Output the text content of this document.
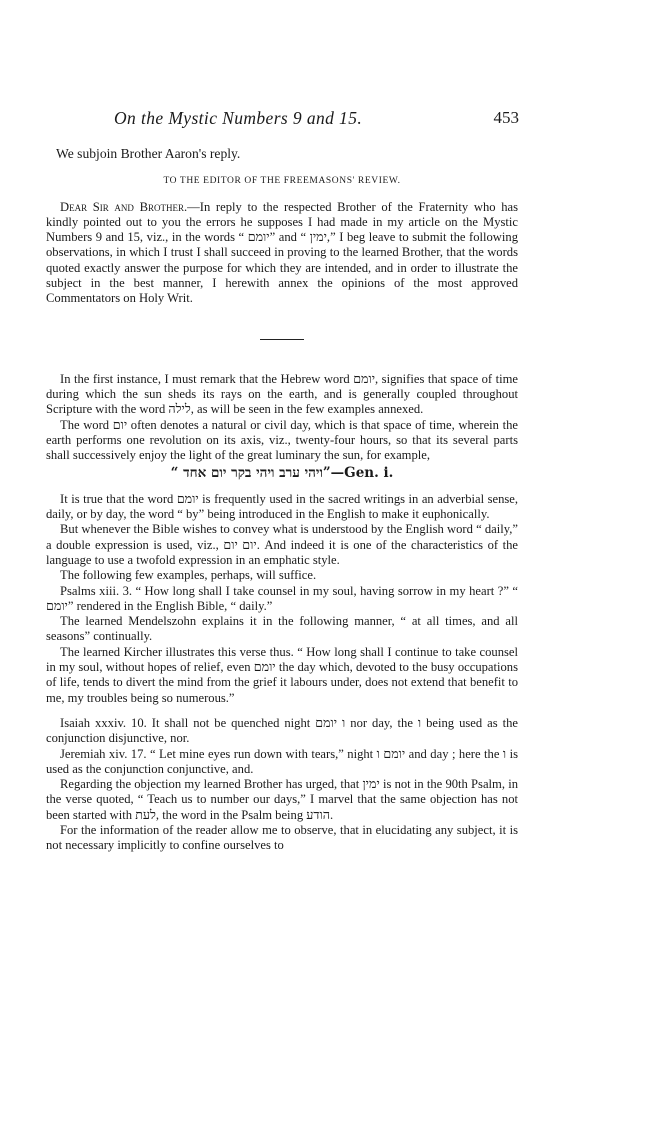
On the Mystic Numbers 9 and 15.	453

We subjoin Brother Aaron's reply.

TO THE EDITOR OF THE FREEMASONS' REVIEW.

Dear Sir and Brother.—In reply to the respected Brother of the Fraternity who has kindly pointed out to you the errors he supposes I had made in my article on the Mystic Numbers 9 and 15, viz., in the words “ יומם” and “ ימין,” I beg leave to submit the following observations, in which I trust I shall succeed in proving to the learned Brother, that the words quoted exactly answer the purpose for which they are intended, and in order to illustrate the subject in the best manner, I herewith annex the opinions of the most approved Commentators on Holy Writ.

In the first instance, I must remark that the Hebrew word יומם, signifies that space of time during which the sun sheds its rays on the earth, and is generally coupled throughout Scripture with the word לילה, as will be seen in the few examples annexed.

The word יום often denotes a natural or civil day, which is that space of time, wherein the earth performs one revolution on its axis, viz., twenty-four hours, so that its several parts shall successively enjoy the light of the great luminary the sun, for example,

“ ויהי ערב ויהי בקר יום אחד”—Gen. i.

It is true that the word יומם is frequently used in the sacred writings in an adverbial sense, daily, or by day, the word “ by” being introduced in the English to make it euphonically.

But whenever the Bible wishes to convey what is understood by the English word “ daily,” a double expression is used, viz., יום יום. And indeed it is one of the characteristics of the language to use a twofold expression in an emphatic style.

The following few examples, perhaps, will suffice.

Psalms xiii. 3. “ How long shall I take counsel in my soul, having sorrow in my heart ?” “ יומם” rendered in the English Bible, “ daily.”

The learned Mendelszohn explains it in the following manner, “ at all times, and all seasons” continually.

The learned Kircher illustrates this verse thus. “ How long shall I continue to take counsel in my soul, without hopes of relief, even יומם the day which, devoted to the busy occupations of life, tends to divert the mind from the grief it labours under, does not extend that benefit to me, my troubles being so numerous.”

Isaiah xxxiv. 10. It shall not be quenched night ו יומם nor day, the ו being used as the conjunction disjunctive, nor.

Jeremiah xiv. 17. “ Let mine eyes run down with tears,” night יומם ו and day ; here the ו is used as the conjunction conjunctive, and.

Regarding the objection my learned Brother has urged, that ימין is not in the 90th Psalm, in the verse quoted, “ Teach us to number our days,” I marvel that the same objection has not been started with לעת, the word in the Psalm being הודע.

For the information of the reader allow me to observe, that in elucidating any subject, it is not necessary implicitly to confine ourselves to
